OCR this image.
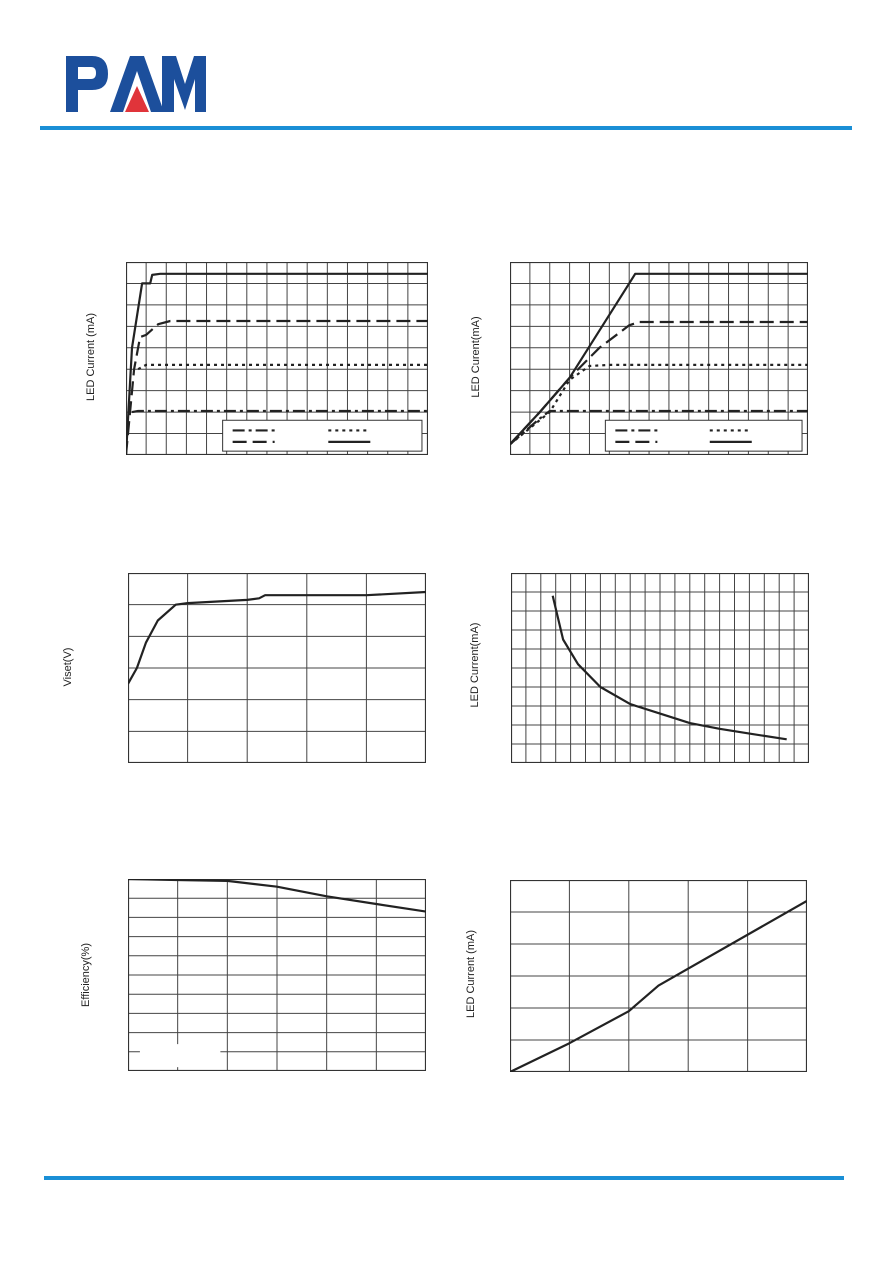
LED Current (mA)	LED Curent(mA)
Viset(V)	LED Current(mA)
Efficiency(%)	LED Current (mA)
